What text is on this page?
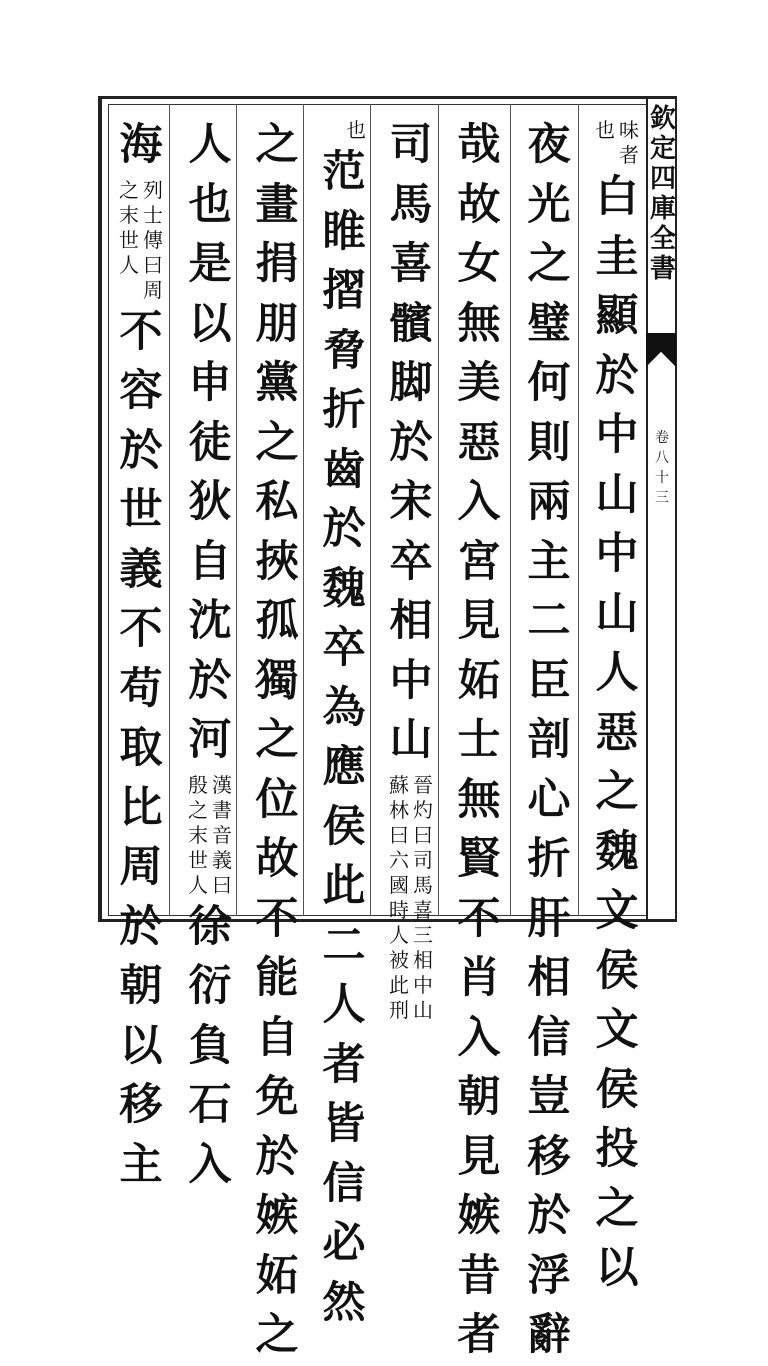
欽定四庫全書
卷八十三
味者
也
白圭顯於中山中山人惡之魏文侯文侯投之以
夜光之璧何則兩主二臣剖心折肝相信豈移於浮辭
哉故女無美惡入宮見妬士無賢不肖入朝見嫉昔者
司馬喜髕脚於宋卒相中山
晉灼曰司馬喜三相中山
蘇林曰六國時人被此刑
也
范睢摺脅折齒於魏卒為應侯此二人者皆信必然
之畫捐朋黨之私挾孤獨之位故不能自免於嫉妬之
人也是以申徒狄自沈於河
漢書音義曰
殷之末世人
徐衍負石入
海
列士傳曰周
之末世人
不容於世義不苟取比周於朝以移主
